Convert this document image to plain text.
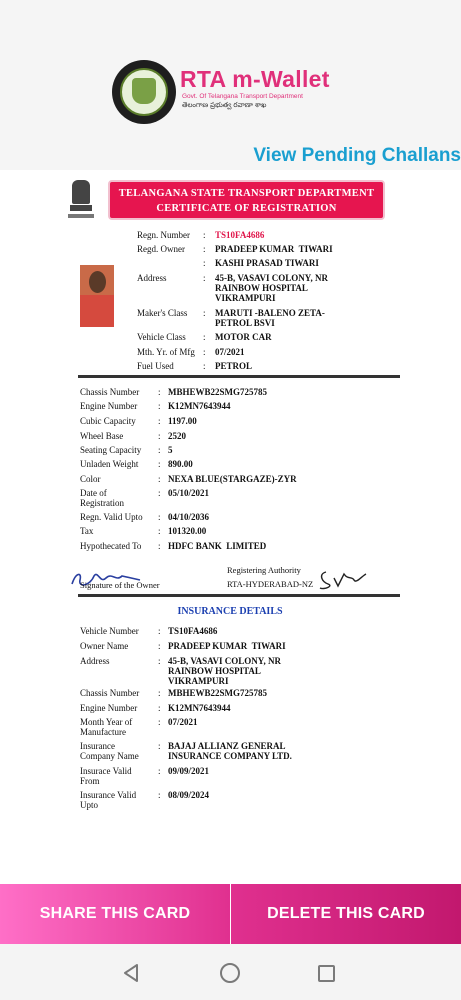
RTA m-Wallet
Govt. Of Telangana Transport Department
తెలంగాణ ప్రభుత్వ రవాణా శాఖ
View Pending Challans
TELANGANA STATE TRANSPORT DEPARTMENT
CERTIFICATE OF REGISTRATION
Regn. Number : TS10FA4686
Regd. Owner : PRADEEP KUMAR  TIWARI
: KASHI PRASAD TIWARI
Address	: 45-B, VASAVI COLONY, NR
RAINBOW HOSPITAL
VIKRAMPURI
Maker's Class : MARUTI -BALENO ZETA-
PETROL BSVI
Vehicle Class : MOTOR CAR
Mth. Yr. of Mfg : 07/2021
Fuel Used	: PETROL
Chassis Number : MBHEWB22SMG725785
Engine Number : K12MN7643944
Cubic Capacity : 1197.00
Wheel Base	: 2520
Seating Capacity : 5
Unladen Weight : 890.00
Color	: NEXA BLUE(STARGAZE)-ZYR
Date of
Registration
: 05/10/2021
Regn. Valid Upto : 04/10/2036
Tax	: 101320.00
Hypothecated To : HDFC BANK  LIMITED
Signature of the Owner
Registering Authority
RTA-HYDERABAD-NZ
INSURANCE DETAILS
Vehicle Number : TS10FA4686
Owner Name	: PRADEEP KUMAR  TIWARI
Address	: 45-B, VASAVI COLONY, NR
RAINBOW HOSPITAL
VIKRAMPURI
Chassis Number : MBHEWB22SMG725785
Engine Number : K12MN7643944
Month Year of
Manufacture
: 07/2021
Insurance
Company Name
: BAJAJ ALLIANZ GENERAL
INSURANCE COMPANY LTD.
Insurace Valid
From
: 09/09/2021
Insurance Valid
Upto
: 08/09/2024
SHARE THIS CARD	DELETE THIS CARD
